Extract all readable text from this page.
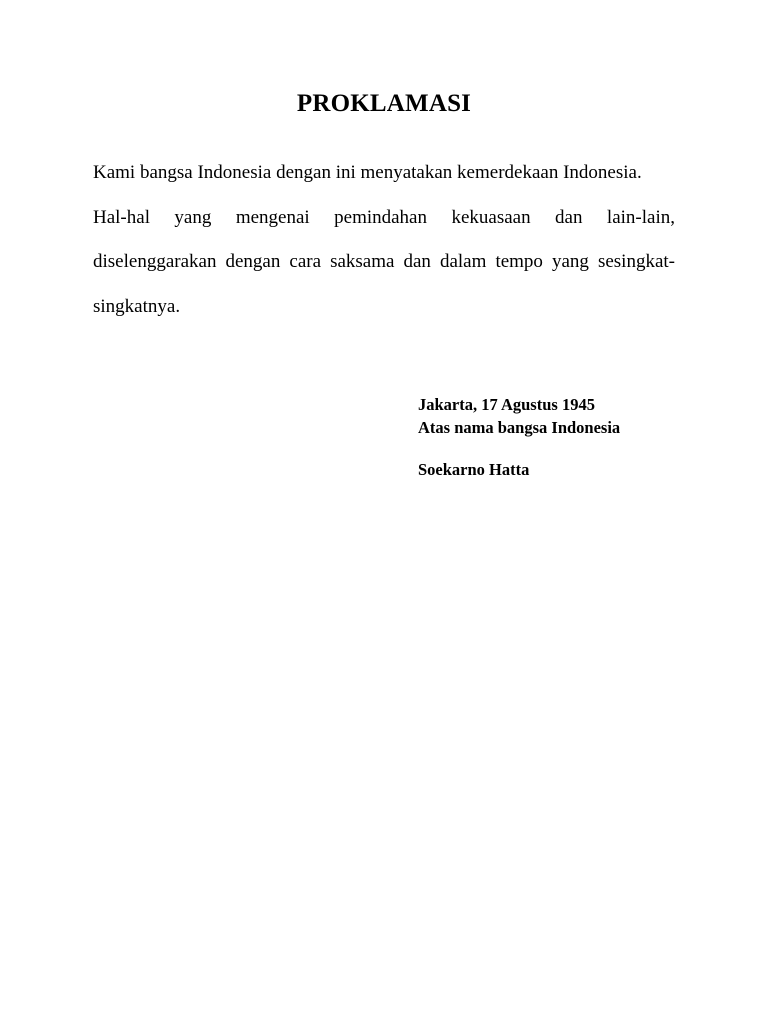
PROKLAMASI

Kami bangsa Indonesia dengan ini menyatakan kemerdekaan Indonesia.

Hal-hal yang mengenai pemindahan kekuasaan dan lain-lain, diselenggarakan dengan cara saksama dan dalam tempo yang sesingkat-singkatnya.

Jakarta, 17 Agustus 1945
Atas nama bangsa Indonesia
Soekarno Hatta
